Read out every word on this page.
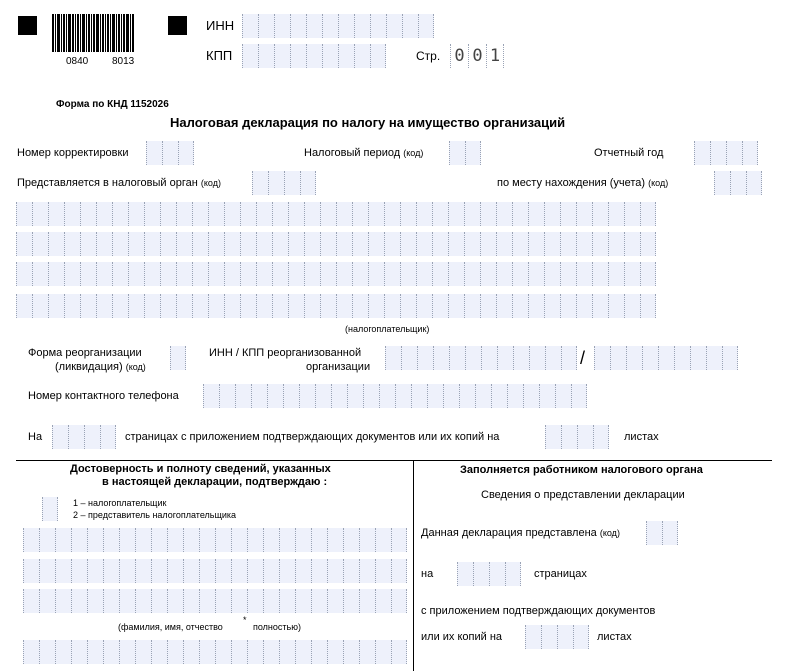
0840 8013
ИНН
КПП	Стр. 0 0 1
Форма по КНД 1152026
Налоговая декларация по налогу на имущество организаций
Номер корректировки	Налоговый период (код)	Отчетный год
Представляется в налоговый орган (код)	по месту нахождения (учета) (код)
(налогоплательщик)
Форма реорганизации
(ликвидация) (код)
ИНН / КПП реорганизованной
организации	/
Номер контактного телефона
На	страницах с приложением подтверждающих документов или их копий на	листах
Достоверность и полноту сведений, указанных
в настоящей декларации, подтверждаю :
1 – налогоплательщик
2 – представитель налогоплательщика
(фамилия, имя, отчество
*
полностью)
Заполняется работником налогового органа
Сведения о представлении декларации
Данная декларация представлена (код)
на	страницах
с приложением подтверждающих документов
или их копий на	листах
